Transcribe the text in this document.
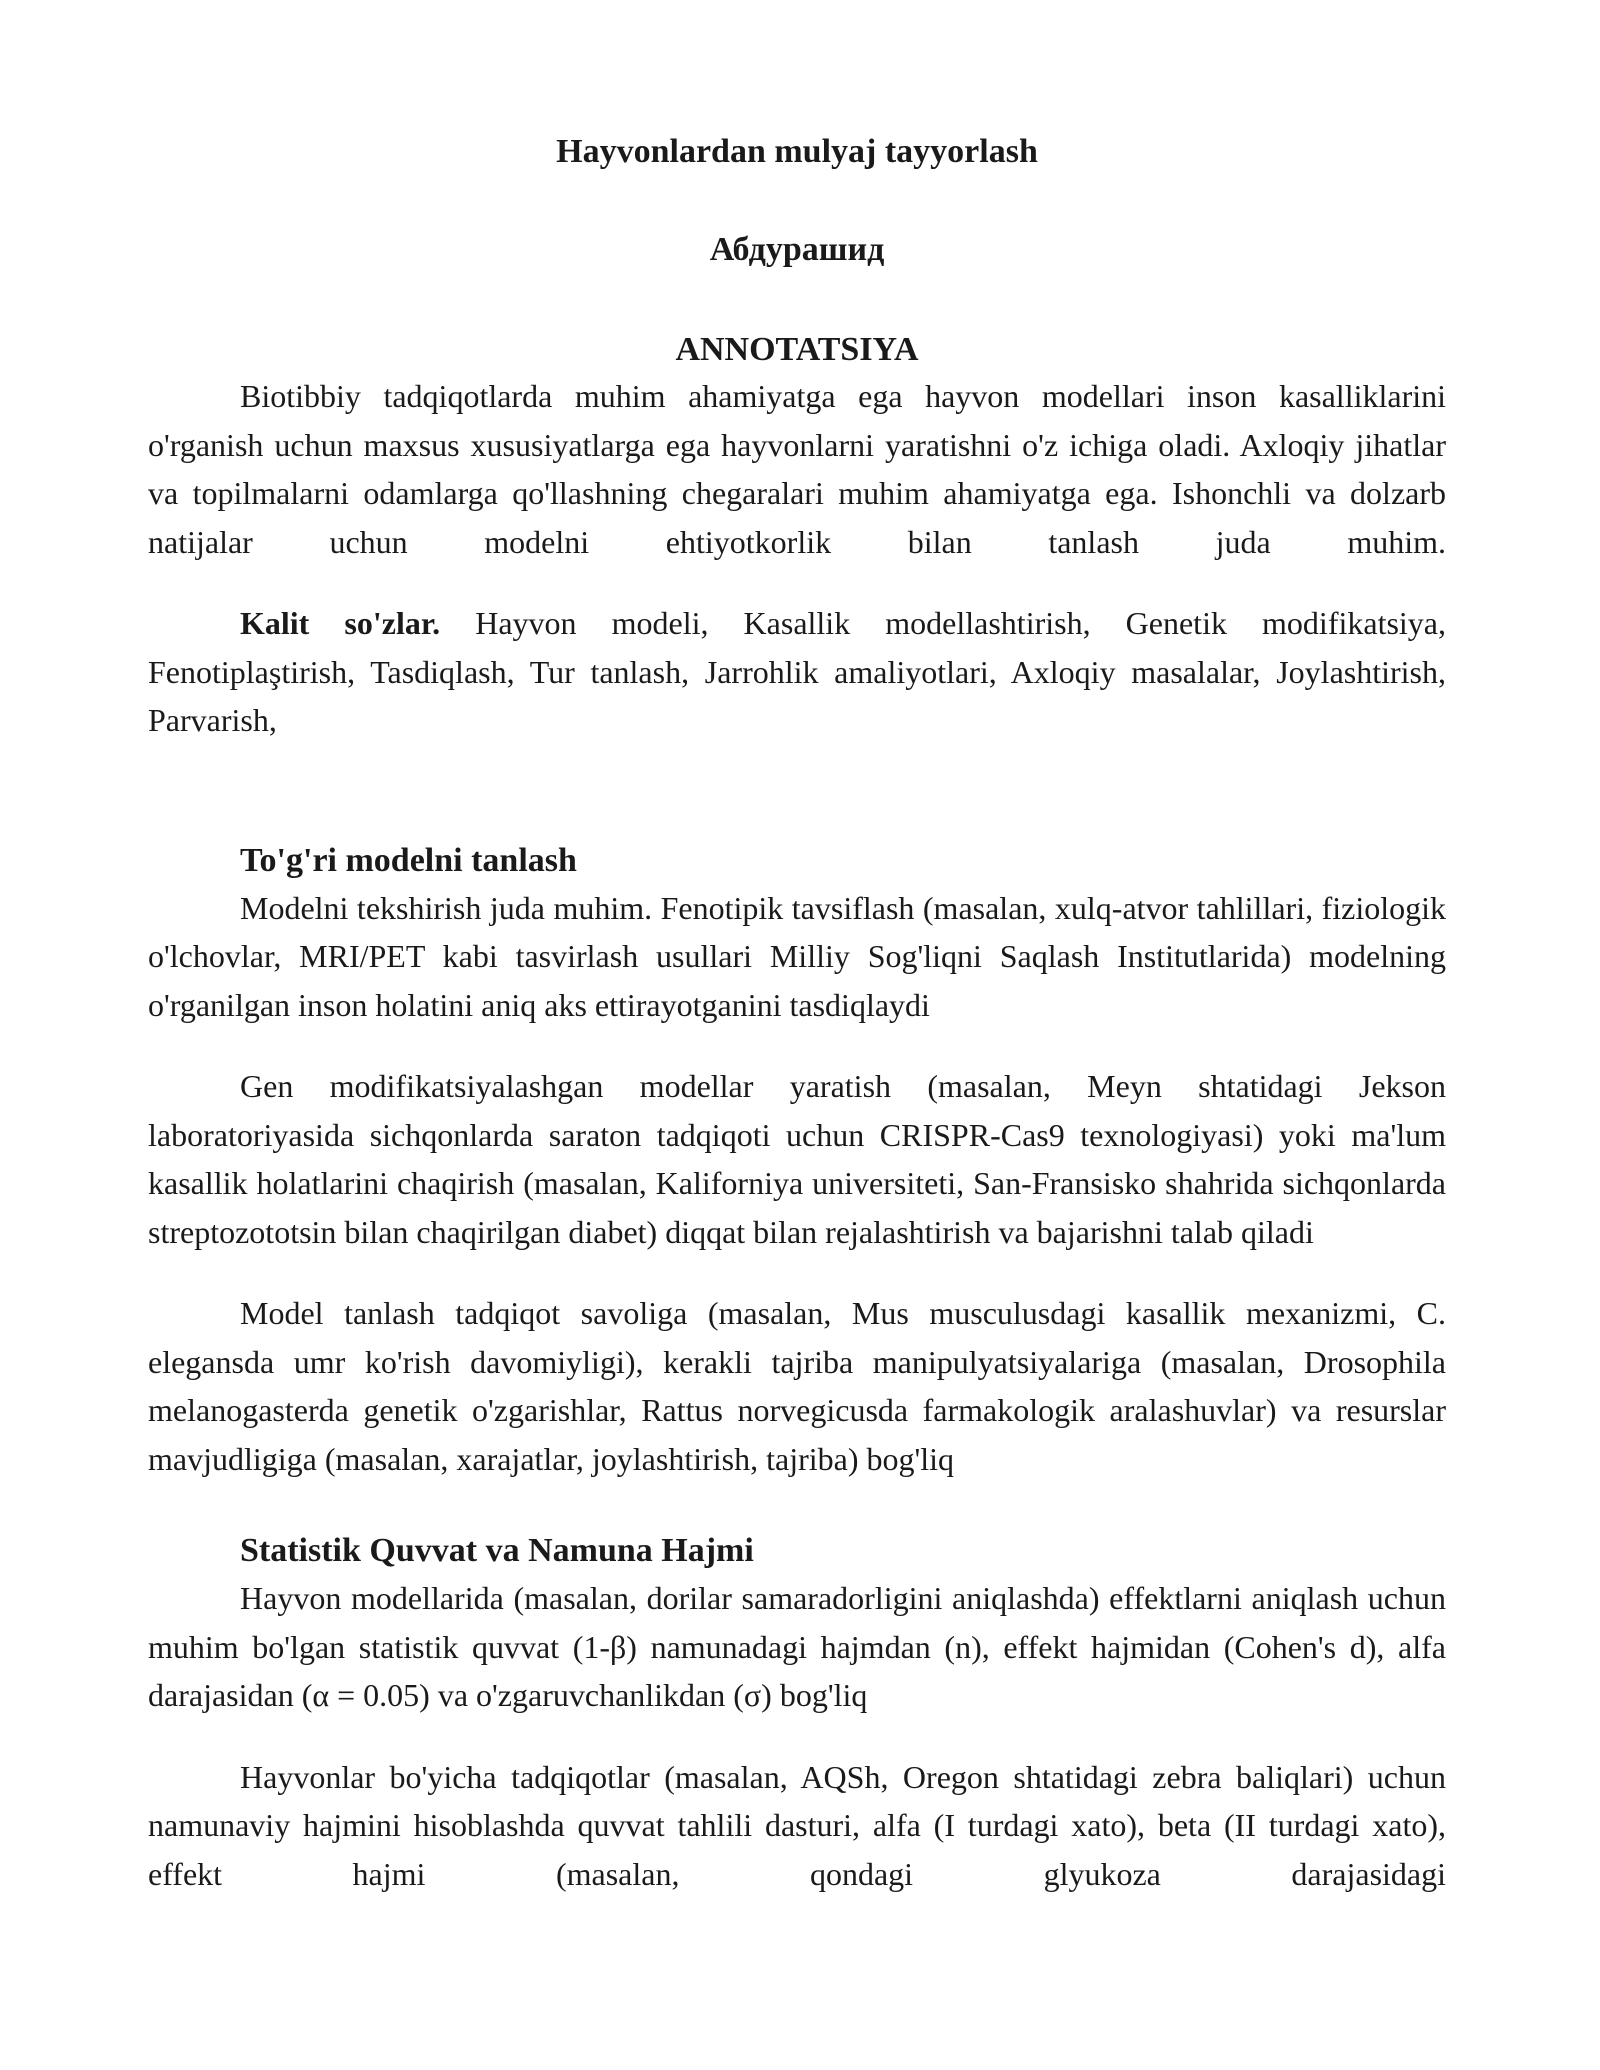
Hayvonlardan mulyaj tayyorlash
Абдурашид
ANNOTATSIYA

Biotibbiy tadqiqotlarda muhim ahamiyatga ega hayvon modellari inson kasalliklarini o'rganish uchun maxsus xususiyatlarga ega hayvonlarni yaratishni o'z ichiga oladi. Axloqiy jihatlar va topilmalarni odamlarga qo'llashning chegaralari muhim ahamiyatga ega. Ishonchli va dolzarb natijalar uchun modelni ehtiyotkorlik bilan tanlash juda muhim.

Kalit so'zlar. Hayvon modeli, Kasallik modellashtirish, Genetik modifikatsiya, Fenotiplaştirish, Tasdiqlash, Tur tanlash, Jarrohlik amaliyotlari, Axloqiy masalalar, Joylashtirish, Parvarish,

To'g'ri modelni tanlash

Modelni tekshirish juda muhim. Fenotipik tavsiflash (masalan, xulq-atvor tahlillari, fiziologik o'lchovlar, MRI/PET kabi tasvirlash usullari Milliy Sog'liqni Saqlash Institutlarida) modelning o'rganilgan inson holatini aniq aks ettirayotganini tasdiqlaydi

Gen modifikatsiyalashgan modellar yaratish (masalan, Meyn shtatidagi Jekson laboratoriyasida sichqonlarda saraton tadqiqoti uchun CRISPR-Cas9 texnologiyasi) yoki ma'lum kasallik holatlarini chaqirish (masalan, Kaliforniya universiteti, San-Fransisko shahrida sichqonlarda streptozototsin bilan chaqirilgan diabet) diqqat bilan rejalashtirish va bajarishni talab qiladi

Model tanlash tadqiqot savoliga (masalan, Mus musculusdagi kasallik mexanizmi, C. elegansda umr ko'rish davomiyligi), kerakli tajriba manipulyatsiyalariga (masalan, Drosophila melanogasterda genetik o'zgarishlar, Rattus norvegicusda farmakologik aralashuvlar) va resurslar mavjudligiga (masalan, xarajatlar, joylashtirish, tajriba) bog'liq

Statistik Quvvat va Namuna Hajmi

Hayvon modellarida (masalan, dorilar samaradorligini aniqlashda) effektlarni aniqlash uchun muhim bo'lgan statistik quvvat (1-β) namunadagi hajmdan (n), effekt hajmidan (Cohen's d), alfa darajasidan (α = 0.05) va o'zgaruvchanlikdan (σ) bog'liq

Hayvonlar bo'yicha tadqiqotlar (masalan, AQSh, Oregon shtatidagi zebra baliqlari) uchun namunaviy hajmini hisoblashda quvvat tahlili dasturi, alfa (I turdagi xato), beta (II turdagi xato), effekt hajmi (masalan, qondagi glyukoza darajasidagi
